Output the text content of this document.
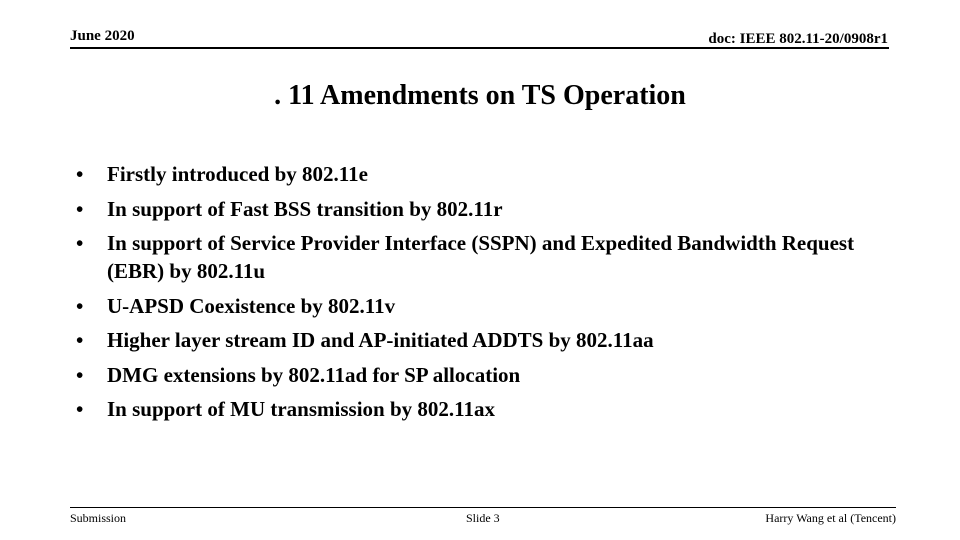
June 2020	doc: IEEE 802.11-20/0908r1
. 11 Amendments on TS Operation
• Firstly introduced by 802.11e
• In support of Fast BSS transition by 802.11r
• In support of Service Provider Interface (SSPN) and Expedited Bandwidth Request (EBR) by 802.11u
• U-APSD Coexistence by 802.11v
• Higher layer stream ID and AP-initiated ADDTS by 802.11aa
• DMG extensions by 802.11ad for SP allocation
• In support of MU transmission by 802.11ax
Submission	Slide 3	Harry Wang et al (Tencent)
